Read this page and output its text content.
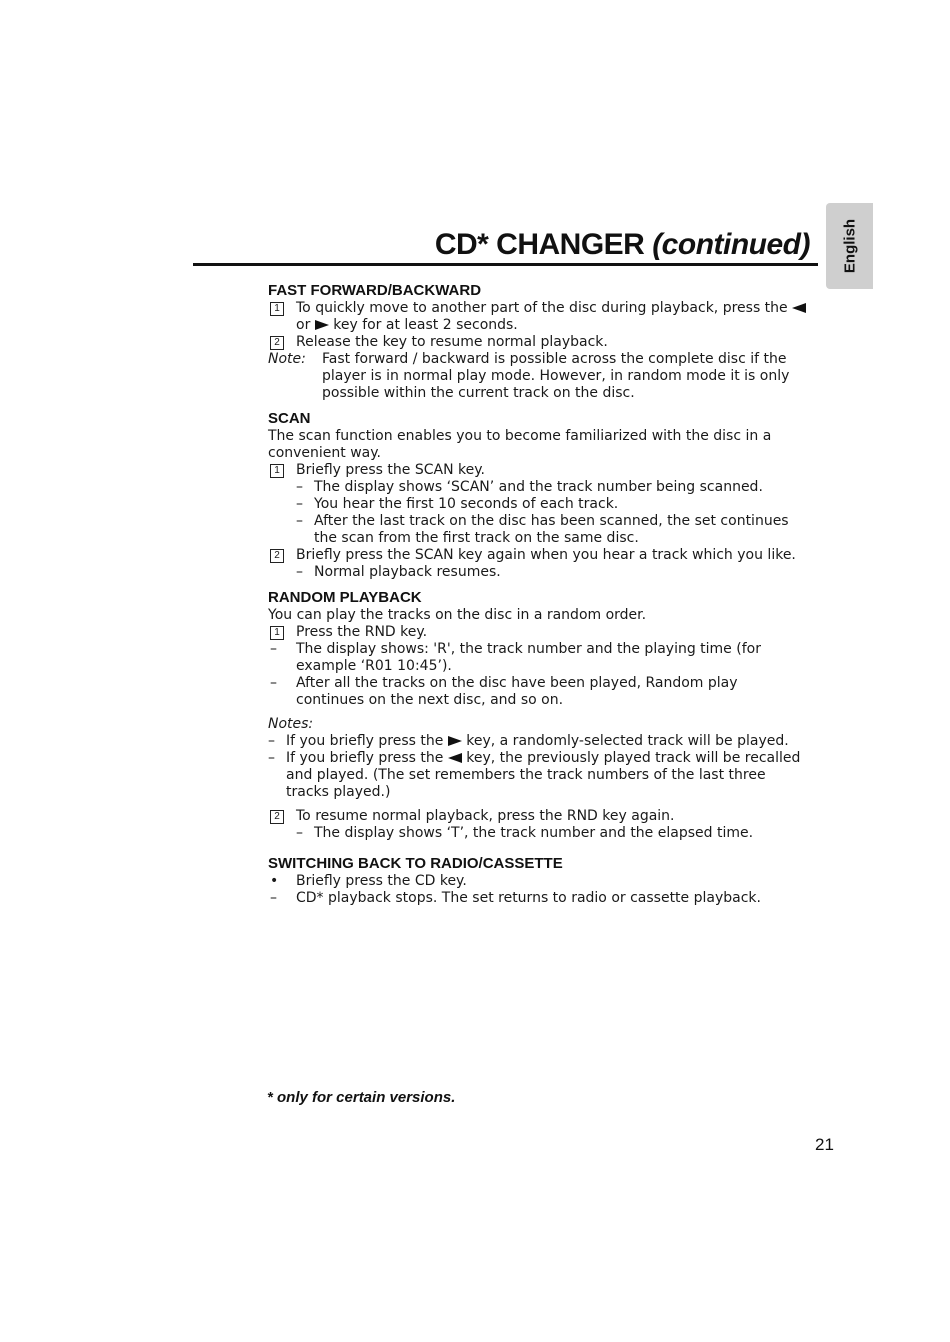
CD* CHANGER (continued) English
FAST FORWARD/BACKWARD
1	To quickly move to another part of the disc during playback, press the  or key for at least 2 seconds.
2	Release the key to resume normal playback.
Note: Fast forward / backward is possible across the complete disc if the player is in normal play mode. However, in random mode it is only possible within the current track on the disc.
SCAN

The scan function enables you to become familiarized with the disc in a convenient way.

1	Briefly press the SCAN key.
– The display shows ‘SCAN’ and the track number being scanned.
– You hear the first 10 seconds of each track.
– After the last track on the disc has been scanned, the set continues the scan from the first track on the same disc.
2	Briefly press the SCAN key again when you hear a track which you like.
– Normal playback resumes.
RANDOM PLAYBACK

You can play the tracks on the disc in a random order.

1	Press the RND key.
– The display shows: 'R', the track number and the playing time (for example ‘R01 10:45’).
– After all the tracks on the disc have been played, Random play continues on the next disc, and so on.

Notes:

– If you briefly press the key, a randomly-selected track will be played.
– If you briefly press the key, the previously played track will be recalled and played. (The set remembers the track numbers of the last three tracks played.)
2	To resume normal playback, press the RND key again.
– The display shows ‘T’, the track number and the elapsed time.
SWITCHING BACK TO RADIO/CASSETTE
• Briefly press the CD key.
– CD* playback stops. The set returns to radio or cassette playback.
* only for certain versions.
21
